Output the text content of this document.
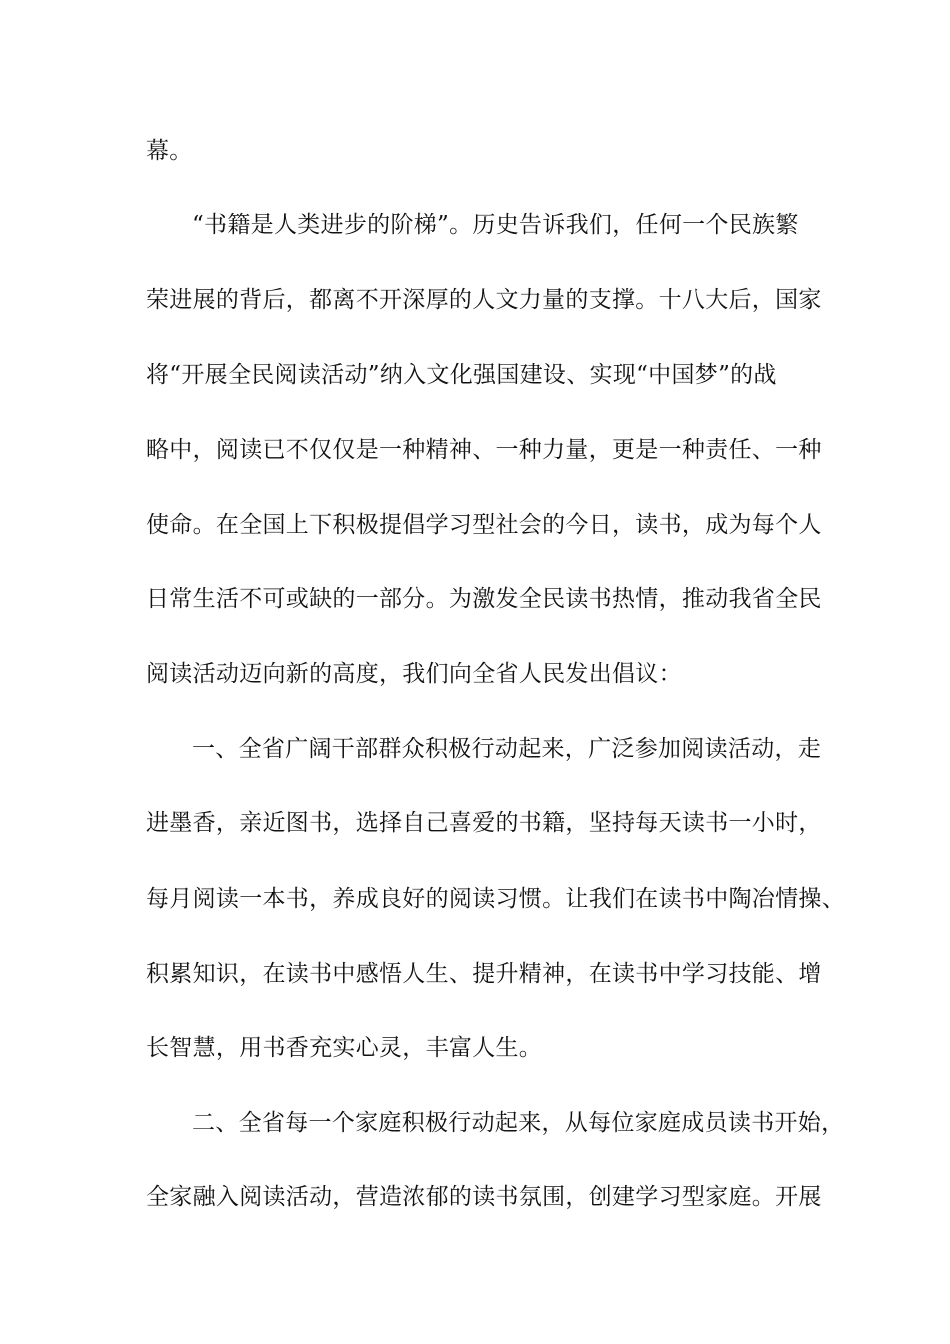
幕。
“书籍是人类进步的阶梯”。历史告诉我们，任何一个民族繁
荣进展的背后，都离不开深厚的人文力量的支撑。十八大后，国家
将“开展全民阅读活动”纳入文化强国建设、实现“中国梦”的战
略中，阅读已不仅仅是一种精神、一种力量，更是一种责任、一种
使命。在全国上下积极提倡学习型社会的今日，读书，成为每个人
日常生活不可或缺的一部分。为激发全民读书热情，推动我省全民
阅读活动迈向新的高度，我们向全省人民发出倡议：
一、全省广阔干部群众积极行动起来，广泛参加阅读活动，走
进墨香，亲近图书，选择自己喜爱的书籍，坚持每天读书一小时，
每月阅读一本书，养成良好的阅读习惯。让我们在读书中陶冶情操、
积累知识，在读书中感悟人生、提升精神，在读书中学习技能、增
长智慧，用书香充实心灵，丰富人生。
二、全省每一个家庭积极行动起来，从每位家庭成员读书开始，
全家融入阅读活动，营造浓郁的读书氛围，创建学习型家庭。开展
